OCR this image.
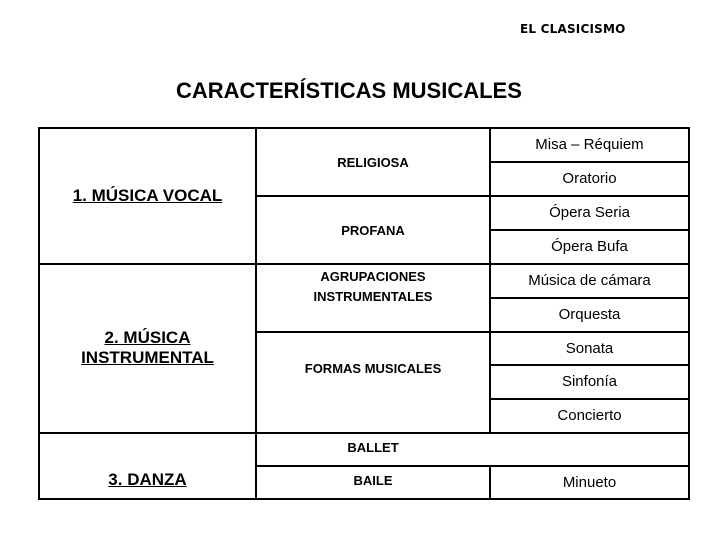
EL CLASICISMO
CARACTERÍSTICAS MUSICALES
1. MÚSICA VOCAL
2. MÚSICA
INSTRUMENTAL
3. DANZA
RELIGIOSA
PROFANA
AGRUPACIONES
INSTRUMENTALES
FORMAS MUSICALES
BALLET
BAILE
Misa – Réquiem
Oratorio
Ópera Seria
Ópera Bufa
Música de cámara
Orquesta
Sonata
Sinfonía
Concierto
Minueto
